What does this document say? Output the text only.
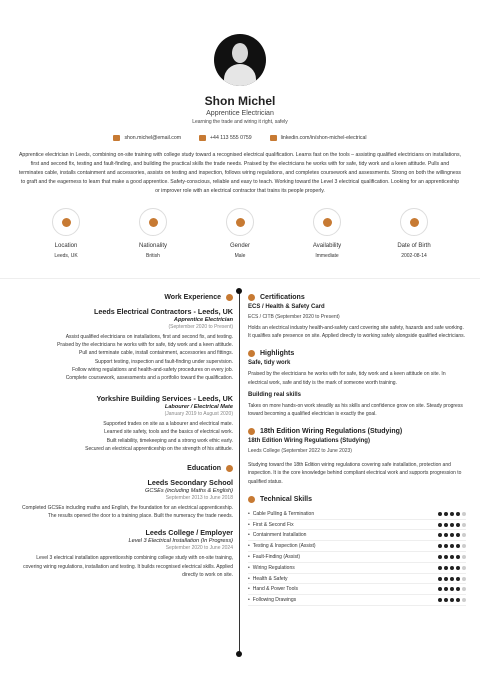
Shon Michel
Apprentice Electrician
Learning the trade and wiring it right, safely
shon.michel@email.com	+44 113 555 0759	linkedin.com/in/shon-michel-electrical
Apprentice electrician in Leeds, combining on-site training with college study toward a recognised electrical qualification. Learns fast on the tools – assisting qualified electricians on installations, first and second fix, testing and fault-finding, and building the practical skills the trade needs. Praised by the electricians he works with for safe, tidy work and a keen attitude. Pulls and terminates cable, installs containment and accessories, assists on testing and inspection, follows wiring regulations, and completes coursework and assessments. Strong on both the willingness to graft and the eagerness to learn that make a good apprentice. Safety-conscious, reliable and easy to teach. Working toward the Level 3 electrical qualification. Looking for an apprenticeship or improver role with an electrical contractor that trains its people properly.
Location
Leeds, UK
Nationality
British
Gender
Male
Availability
Immediate
Date of Birth
2002-08-14
Work Experience
Leeds Electrical Contractors - Leeds, UK
Apprentice Electrician
(September 2020 to Present)
Assist qualified electricians on installations, first and second fix, and testing.
Praised by the electricians he works with for safe, tidy work and a keen attitude.
Pull and terminate cable, install containment, accessories and fittings.
Support testing, inspection and fault-finding under supervision.
Follow wiring regulations and health-and-safety procedures on every job.
Complete coursework, assessments and a portfolio toward the qualification.
Yorkshire Building Services - Leeds, UK
Labourer / Electrical Mate
(January 2019 to August 2020)
Supported trades on site as a labourer and electrical mate.
Learned site safety, tools and the basics of electrical work.
Built reliability, timekeeping and a strong work ethic early.
Secured an electrical apprenticeship on the strength of his attitude.
Education
Leeds Secondary School
GCSEs (including Maths & English)
September 2013 to June 2018
Completed GCSEs including maths and English, the foundation for an electrical apprenticeship. The results opened the door to a training place. Built the numeracy the trade needs.
Leeds College / Employer
Level 3 Electrical Installation (In Progress)
September 2020 to June 2024
Level 3 electrical installation apprenticeship combining college study with on-site training, covering wiring regulations, installation and testing. It builds recognised electrical skills. Applied directly to work on site.
Certifications
ECS / Health & Safety Card
ECS / CITB (September 2020 to Present)
Holds an electrical industry health-and-safety card covering site safety, hazards and safe working. It qualifies safe presence on site. Applied directly to working safely alongside qualified electricians.
Highlights
Safe, tidy work
Praised by the electricians he works with for safe, tidy work and a keen attitude on site. In electrical work, safe and tidy is the mark of someone worth training.
Building real skills
Takes on more hands-on work steadily as his skills and confidence grow on site. Steady progress toward becoming a qualified electrician is exactly the goal.
18th Edition Wiring Regulations (Studying)
18th Edition Wiring Regulations (Studying)
Leeds College (September 2022 to June 2023)
Studying toward the 18th Edition wiring regulations covering safe installation, protection and inspection. It is the core knowledge behind compliant electrical work and supports progression to qualified status.
Technical Skills
• Cable Pulling & Termination
• First & Second Fix
• Containment Installation
• Testing & Inspection (Assist)
• Fault-Finding (Assist)
• Wiring Regulations
• Health & Safety
• Hand & Power Tools
• Following Drawings
